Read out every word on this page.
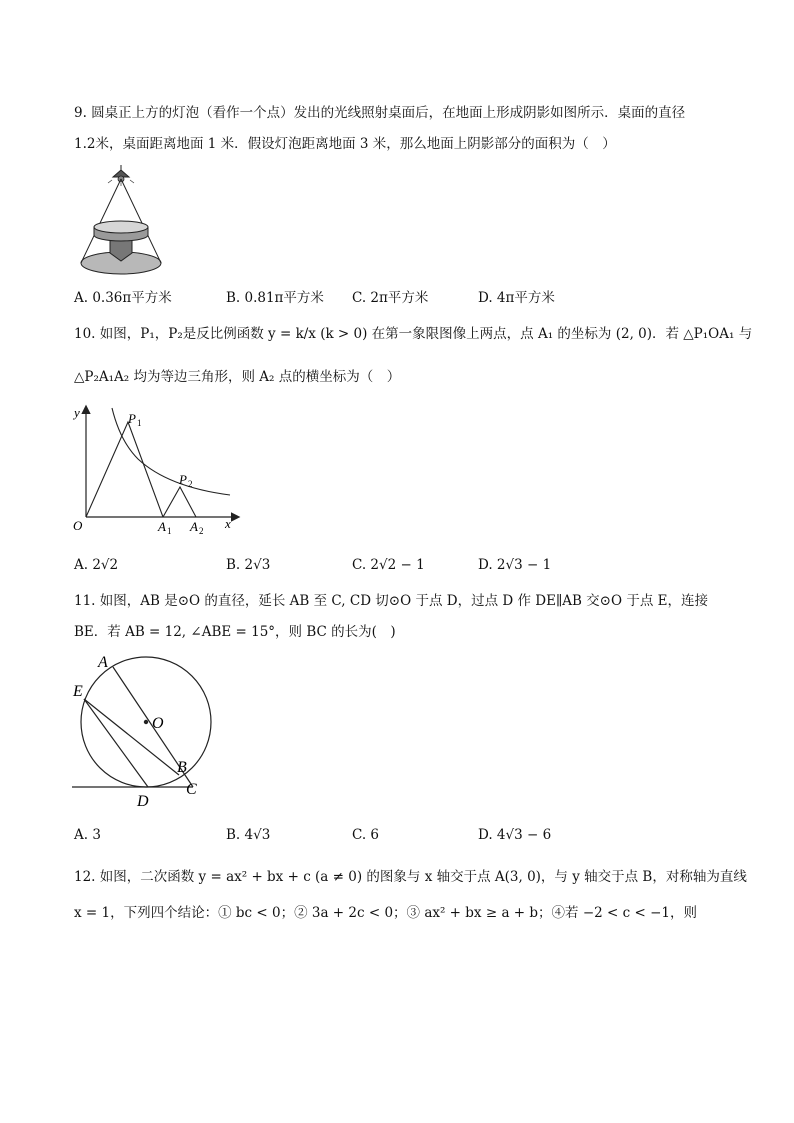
9. 圆桌正上方的灯泡（看作一个点）发出的光线照射桌面后，在地面上形成阴影如图所示．桌面的直径
1.2米，桌面距离地面 1 米．假设灯泡距离地面 3 米，那么地面上阴影部分的面积为（　）
A. 0.36π平方米	B. 0.81π平方米 C. 2π平方米	D. 4π平方米
10. 如图，P₁，P₂是反比例函数 y = k/x (k > 0) 在第一象限图像上两点，点 A₁ 的坐标为 (2, 0)．若 △P₁OA₁ 与
△P₂A₁A₂ 均为等边三角形，则 A₂ 点的横坐标为（　）
y
x
O
P 1
P 2
A 1 A 2
A. 2√2	B. 2√3	C. 2√2 − 1	D. 2√3 − 1
11. 如图，AB 是⊙O 的直径，延长 AB 至 C, CD 切⊙O 于点 D，过点 D 作 DE∥AB 交⊙O 于点 E，连接
BE．若 AB = 12, ∠ABE = 15°，则 BC 的长为(　)
A
E
O
B
C
D
A. 3	B. 4√3	C. 6	D. 4√3 − 6
12. 如图，二次函数 y = ax² + bx + c (a ≠ 0) 的图象与 x 轴交于点 A(3, 0)，与 y 轴交于点 B，对称轴为直线
x = 1，下列四个结论：① bc < 0；② 3a + 2c < 0；③ ax² + bx ≥ a + b；④若 −2 < c < −1，则
